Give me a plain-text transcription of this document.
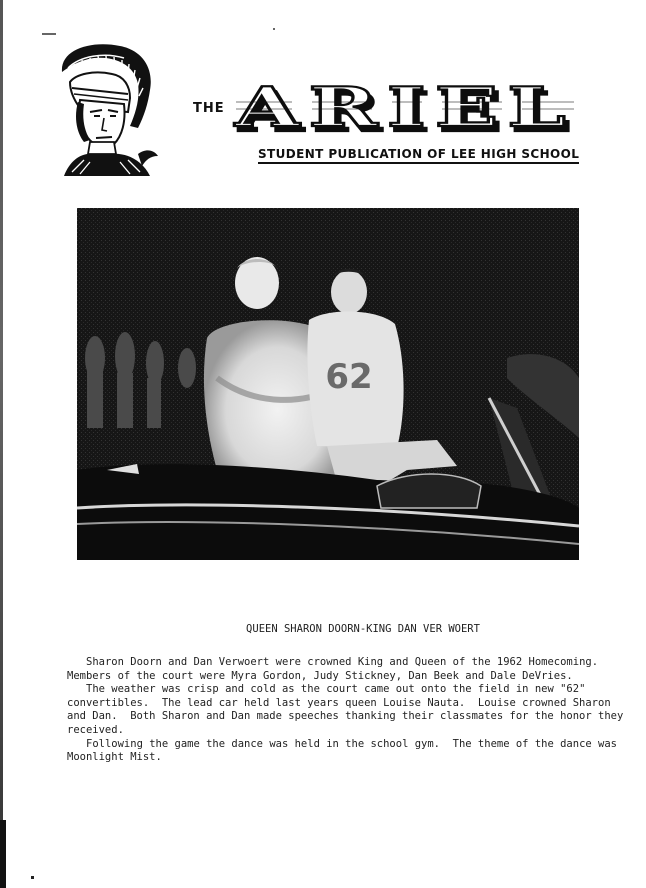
THE ARIEL
STUDENT PUBLICATION OF LEE HIGH SCHOOL
62
QUEEN SHARON DOORN-KING DAN VER WOERT

Sharon Doorn and Dan Verwoert were crowned King and Queen of the 1962 Homecoming. Members of the court were Myra Gordon, Judy Stickney, Dan Beek and Dale DeVries.

The weather was crisp and cold as the court came out onto the field in new "62" convertibles.  The lead car held last years queen Louise Nauta.  Louise crowned Sharon and Dan.  Both Sharon and Dan made speeches thanking their classmates for the honor they received.

Following the game the dance was held in the school gym.  The theme of the dance was Moonlight Mist.
